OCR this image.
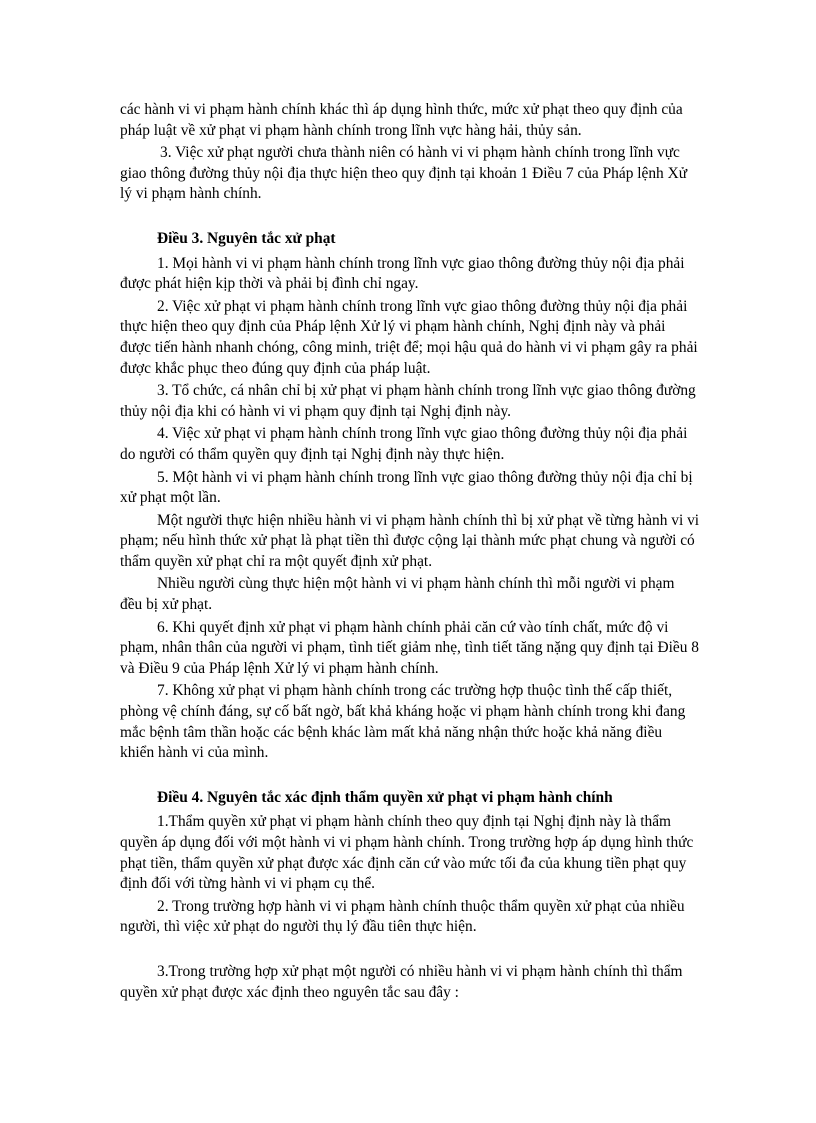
các hành vi vi phạm hành chính khác thì áp dụng hình thức, mức xử phạt theo quy định của pháp luật về xử phạt vi phạm hành chính trong lĩnh vực hàng hải, thủy sản.

3. Việc xử phạt người chưa thành niên có hành vi vi phạm hành chính trong lĩnh vực giao thông đường thủy nội địa thực hiện theo quy định tại khoản 1 Điều 7 của Pháp lệnh Xử lý vi phạm hành chính.

Điều 3. Nguyên tắc xử phạt

1. Mọi hành vi vi phạm hành chính trong lĩnh vực giao thông đường thủy nội địa phải được phát hiện kịp thời và phải bị đình chỉ ngay.

2. Việc xử phạt vi phạm hành chính trong lĩnh vực giao thông đường thủy nội địa phải thực hiện theo quy định của Pháp lệnh Xử lý vi phạm hành chính, Nghị định này và phải được tiến hành nhanh chóng, công minh, triệt để; mọi hậu quả do hành vi vi phạm gây ra phải được khắc phục theo đúng quy định của pháp luật.

3. Tổ chức, cá nhân chỉ bị xử phạt vi phạm hành chính trong lĩnh vực giao thông đường thủy nội địa khi có hành vi vi phạm quy định tại Nghị định này.

4. Việc xử phạt vi phạm hành chính trong lĩnh vực giao thông đường thủy nội địa phải do người có thẩm quyền quy định tại Nghị định này thực hiện.

5. Một hành vi vi phạm hành chính trong lĩnh vực giao thông đường thủy nội địa chỉ bị xử phạt một lần.

Một người thực hiện nhiều hành vi vi phạm hành chính thì bị xử phạt về từng hành vi vi phạm; nếu hình thức xử phạt là phạt tiền thì được cộng lại thành mức phạt chung và người có thẩm quyền xử phạt chỉ ra một quyết định xử phạt.

Nhiều người cùng thực hiện một hành vi vi phạm hành chính thì mỗi người vi phạm đều bị xử phạt.

6. Khi quyết định xử phạt vi phạm hành chính phải căn cứ vào tính chất, mức độ vi phạm, nhân thân của người vi phạm, tình tiết giảm nhẹ, tình tiết tăng nặng quy định tại Điều 8 và Điều 9 của Pháp lệnh Xử lý vi phạm hành chính.

7. Không xử phạt vi phạm hành chính trong các trường hợp thuộc tình thế cấp thiết, phòng vệ chính đáng, sự cố bất ngờ, bất khả kháng hoặc vi phạm hành chính trong khi đang mắc bệnh tâm thần hoặc các bệnh khác làm mất khả năng nhận thức hoặc khả năng điều khiển hành vi của mình.

Điều 4. Nguyên tắc xác định thẩm quyền xử phạt vi phạm hành chính

1.Thẩm quyền xử phạt vi phạm hành chính theo quy định tại Nghị định này là thẩm quyền áp dụng đối với một hành vi vi phạm hành chính. Trong trường hợp áp dụng hình thức phạt tiền, thẩm quyền xử phạt được xác định căn cứ vào mức tối đa của khung tiền phạt quy định đối với từng hành vi vi phạm cụ thể.

2. Trong trường hợp hành vi vi phạm hành chính thuộc thẩm quyền xử phạt của nhiều người, thì việc xử phạt do người thụ lý đầu tiên thực hiện.

3.Trong trường hợp xử phạt một người có nhiều hành vi vi phạm hành chính thì thẩm quyền xử phạt được xác định theo nguyên tắc sau đây :
